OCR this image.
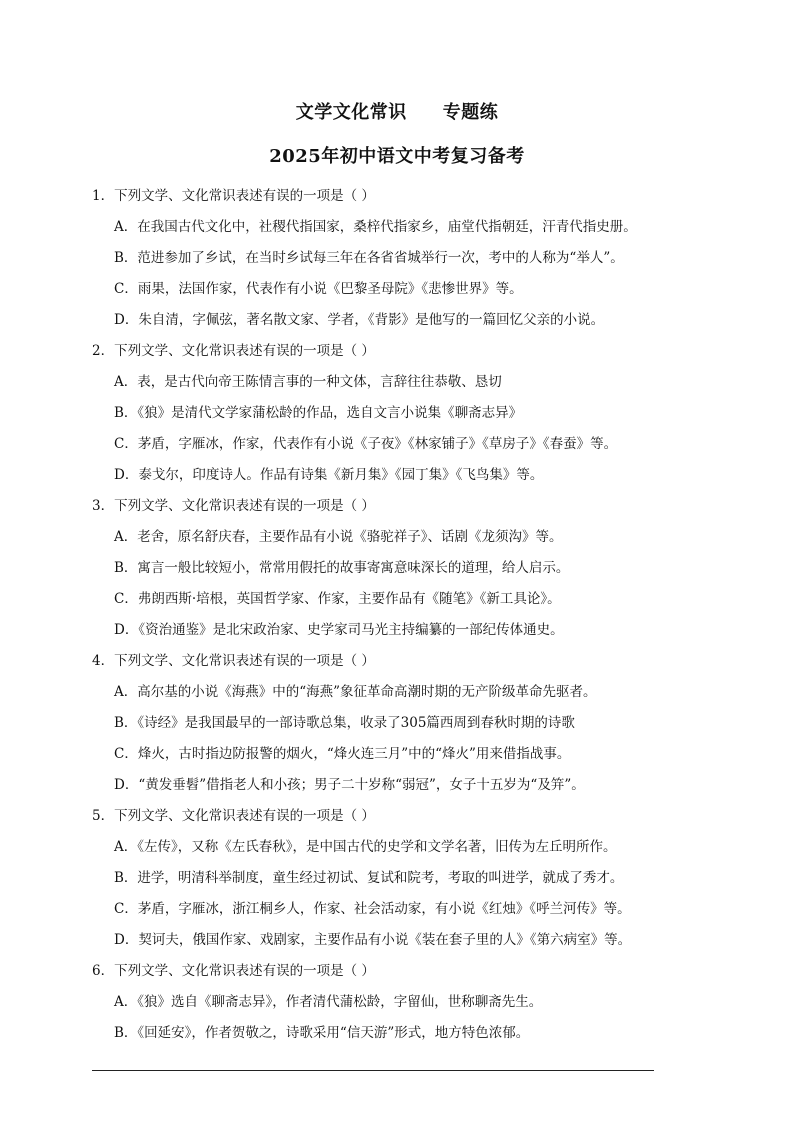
文学文化常识 专题练
2025年初中语文中考复习备考
1．下列文学、文化常识表述有误的一项是（ ）
A．在我国古代文化中，社稷代指国家，桑梓代指家乡，庙堂代指朝廷，汗青代指史册。
B．范进参加了乡试，在当时乡试每三年在各省省城举行一次，考中的人称为“举人”。
C．雨果，法国作家，代表作有小说《巴黎圣母院》《悲惨世界》等。
D．朱自清，字佩弦，著名散文家、学者，《背影》是他写的一篇回忆父亲的小说。
2．下列文学、文化常识表述有误的一项是（ ）
A．表，是古代向帝王陈情言事的一种文体，言辞往往恭敬、恳切
B．《狼》是清代文学家蒲松龄的作品，选自文言小说集《聊斋志异》
C．茅盾，字雁冰，作家，代表作有小说《子夜》《林家铺子》《草房子》《春蚕》等。
D．泰戈尔，印度诗人。作品有诗集《新月集》《园丁集》《飞鸟集》等。
3．下列文学、文化常识表述有误的一项是（ ）
A．老舍，原名舒庆春，主要作品有小说《骆驼祥子》、话剧《龙须沟》等。
B．寓言一般比较短小，常常用假托的故事寄寓意味深长的道理，给人启示。
C．弗朗西斯·培根，英国哲学家、作家，主要作品有《随笔》《新工具论》。
D．《资治通鉴》是北宋政治家、史学家司马光主持编纂的一部纪传体通史。
4．下列文学、文化常识表述有误的一项是（ ）
A．高尔基的小说《海燕》中的“海燕”象征革命高潮时期的无产阶级革命先驱者。
B．《诗经》是我国最早的一部诗歌总集，收录了305篇西周到春秋时期的诗歌
C．烽火，古时指边防报警的烟火，“烽火连三月”中的“烽火”用来借指战事。
D．“黄发垂髫”借指老人和小孩；男子二十岁称“弱冠”，女子十五岁为“及笄”。
5．下列文学、文化常识表述有误的一项是（ ）
A．《左传》，又称《左氏春秋》，是中国古代的史学和文学名著，旧传为左丘明所作。
B．进学，明清科举制度，童生经过初试、复试和院考，考取的叫进学，就成了秀才。
C．茅盾，字雁冰，浙江桐乡人，作家、社会活动家，有小说《红烛》《呼兰河传》等。
D．契诃夫，俄国作家、戏剧家，主要作品有小说《装在套子里的人》《第六病室》等。
6．下列文学、文化常识表述有误的一项是（ ）
A．《狼》选自《聊斋志异》，作者清代蒲松龄，字留仙，世称聊斋先生。
B．《回延安》，作者贺敬之，诗歌采用“信天游”形式，地方特色浓郁。
